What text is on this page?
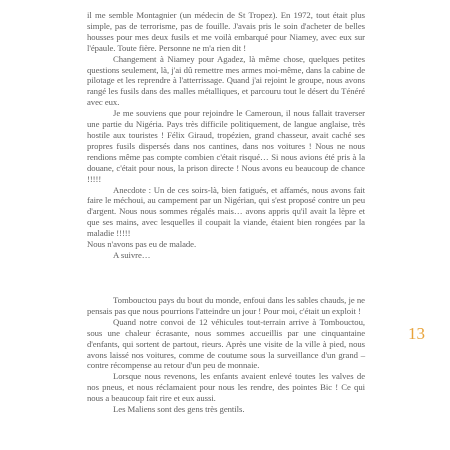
il me semble Montagnier (un médecin de St Tropez). En 1972, tout était plus simple, pas de terrorisme, pas de fouille. J'avais pris le soin d'acheter de belles housses pour mes deux fusils et me voilà embarqué pour Niamey, avec eux sur l'épaule. Toute fière. Personne ne m'a rien dit !

Changement à Niamey pour Agadez, là même chose, quelques petites questions seulement, là, j'ai dû remettre mes armes moi-même, dans la cabine de pilotage et les reprendre à l'atterrissage. Quand j'ai rejoint le groupe, nous avons rangé les fusils dans des malles métalliques, et parcouru tout le désert du Ténéré avec eux.

Je me souviens que pour rejoindre le Cameroun, il nous fallait traverser une partie du Nigéria. Pays très difficile politiquement, de langue anglaise, très hostile aux touristes ! Félix Giraud, tropézien, grand chasseur, avait caché ses propres fusils dispersés dans nos cantines, dans nos voitures ! Nous ne nous rendions même pas compte combien c'était risqué… Si nous avions été pris à la douane, c'était pour nous, la prison directe ! Nous avons eu beaucoup de chance !!!!!

Anecdote : Un de ces soirs-là, bien fatigués, et affamés, nous avons fait faire le méchoui, au campement par un Nigérian, qui s'est proposé contre un peu d'argent. Nous nous sommes régalés mais… avons appris qu'il avait la lèpre et que ses mains, avec lesquelles il coupait la viande, étaient bien rongées par la maladie !!!!!

Nous n'avons pas eu de malade.

A suivre…

Tombouctou pays du bout du monde, enfoui dans les sables chauds, je ne pensais pas que nous pourrions l'atteindre un jour ! Pour moi, c'était un exploit !

Quand notre convoi de 12 véhicules tout-terrain arrive à Tombouctou, sous une chaleur écrasante, nous sommes accueillis par une cinquantaine d'enfants, qui sortent de partout, rieurs. Après une visite de la ville à pied, nous avons laissé nos voitures, comme de coutume sous la surveillance d'un grand – contre récompense au retour d'un peu de monnaie.

Lorsque nous revenons, les enfants avaient enlevé toutes les valves de nos pneus, et nous réclamaient pour nous les rendre, des pointes Bic ! Ce qui nous a beaucoup fait rire et eux aussi.

Les Maliens sont des gens très gentils.

13
